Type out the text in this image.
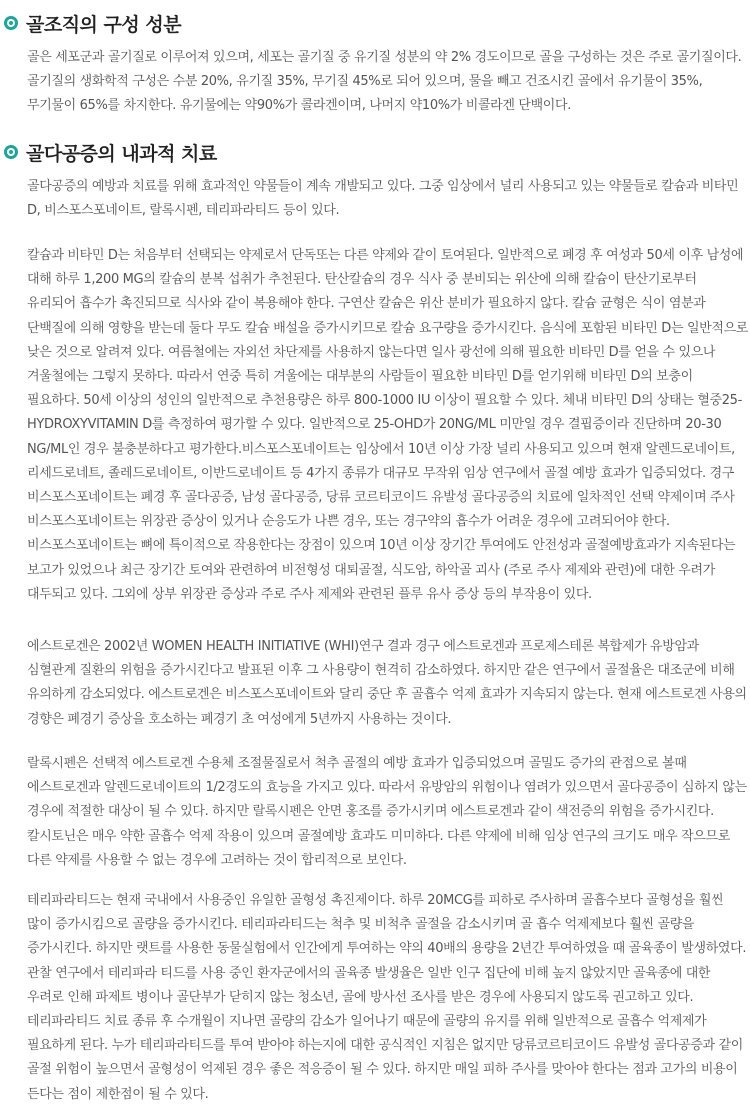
골조직의 구성 성분

골은 세포군과 골기질로 이루어져 있으며, 세포는 골기질 중 유기질 성분의 약 2% 경도이므로 골을 구성하는 것은 주로 골기질이다. 골기질의 생화학적 구성은 수분 20%, 유기질 35%, 무기질 45%로 되어 있으며, 물을 빼고 건조시킨 골에서 유기물이 35%, 무기물이 65%를 차지한다. 유기물에는 약90%가 콜라겐이며, 나머지 약10%가 비콜라겐 단백이다.

골다공증의 내과적 치료

골다공증의 예방과 치료를 위해 효과적인 약물들이 계속 개발되고 있다. 그중 임상에서 널리 사용되고 있는 약물들로 칼슘과 비타민 D, 비스포스포네이트, 랄록시펜, 테리파라티드 등이 있다.

칼슘과 비타민 D는 처음부터 선택되는 약제로서 단독또는 다른 약제와 같이 토여된다. 일반적으로 폐경 후 여성과 50세 이후 남성에 대해 하루 1,200 MG의 칼슘의 분복 섭취가 추천된다. 탄산칼슘의 경우 식사 중 분비되는 위산에 의해 칼슘이 탄산기로부터 유리되어 흡수가 촉진되므로 식사와 같이 복용해야 한다. 구연산 칼슘은 위산 분비가 필요하지 않다. 칼슘 균형은 식이 염분과 단백질에 의해 영향을 받는데 둘다 무도 칼슘 배설을 증가시키므로 칼슘 요구량을 증가시킨다. 음식에 포함된 비타민 D는 일반적으로 낮은 것으로 알려져 있다. 여름철에는 자외선 차단제를 사용하지 않는다면 일사 광선에 의해 필요한 비타민 D를 얻을 수 있으나 겨울철에는 그렇지 못하다. 따라서 연중 특히 겨울에는 대부분의 사람들이 필요한 비타민 D를 얻기위해 비타민 D의 보충이 필요하다. 50세 이상의 성인의 일반적으로 추천용량은 하루 800-1000 IU 이상이 필요할 수 있다. 체내 비타민 D의 상태는 혈중25-HYDROXYVITAMIN D를 측정하여 평가할 수 있다. 일반적으로 25-OHD가 20NG/ML 미만일 경우 결핍증이라 진단하며 20-30 NG/ML인 경우 불충분하다고 평가한다.비스포스포네이트는 임상에서 10년 이상 가장 널리 사용되고 있으며 현재 알렌드로네이트, 리세드로네트, 졸레드로네이트, 이반드로네이트 등 4가지 종류가 대규모 무작위 임상 연구에서 골절 예방 효과가 입증되었다. 경구 비스포스포네이트는 폐경 후 골다공증, 남성 골다공증, 당류 코르티코이드 유발성 골다공증의 치료에 일차적인 선택 약제이며 주사 비스포스포네이트는 위장관 증상이 있거나 순응도가 나쁜 경우, 또는 경구약의 흡수가 어려운 경우에 고려되어야 한다. 비스포스포네이트는 뼈에 특이적으로 작용한다는 장점이 있으며 10년 이상 장기간 투여에도 안전성과 골절예방효과가 지속된다는 보고가 있었으나 최근 장기간 토여와 관련하여 비전형성 대퇴골절, 식도암, 하악골 괴사 (주로 주사 제제와 관련)에 대한 우려가 대두되고 있다. 그외에 상부 위장관 증상과 주로 주사 제제와 관련된 플루 유사 증상 등의 부작용이 있다.

에스트로겐은 2002년 WOMEN HEALTH INITIATIVE (WHI)연구 결과 경구 에스트로겐과 프로제스테론 복합제가 유방암과 심혈관계 질환의 위험을 증가시킨다고 발표된 이후 그 사용량이 현격히 감소하였다. 하지만 같은 연구에서 골절율은 대조군에 비해 유의하게 감소되었다. 에스트로겐은 비스포스포네이트와 달리 중단 후 골흡수 억제 효과가 지속되지 않는다. 현재 에스트로겐 사용의 경향은 폐경기 증상을 호소하는 폐경기 초 여성에게 5년까지 사용하는 것이다.

랄록시펜은 선택적 에스트로겐 수용체 조절물질로서 척추 골절의 예방 효과가 입증되었으며 골밀도 증가의 관점으로 볼때 에스트로겐과 알렌드로네이트의 1/2경도의 효능을 가지고 있다. 따라서 유방암의 위험이나 염려가 있으면서 골다공증이 심하지 않는 경우에 적절한 대상이 될 수 있다. 하지만 랄록시펜은 안면 홍조를 증가시키며 에스트로겐과 같이 색전증의 위험을 증가시킨다. 칼시토닌은 매우 약한 골흡수 억제 작용이 있으며 골절예방 효과도 미미하다. 다른 약제에 비해 임상 연구의 크기도 매우 작으므로 다른 약제를 사용할 수 없는 경우에 고려하는 것이 합리적으로 보인다.

테리파라티드는 현재 국내에서 사용중인 유일한 골형성 촉진제이다. 하루 20MCG를 피하로 주사하며 골흡수보다 골형성을 훨씬 많이 증가시킴으로 골량을 증가시킨다. 테리파라티드는 척추 및 비척추 골절을 감소시키며 골 흡수 억제제보다 훨씬 골량을 증가시킨다. 하지만 랫트를 사용한 동물실험에서 인간에게 투여하는 약의 40배의 용량을 2년간 투여하였을 때 골육종이 발생하였다. 관찰 연구에서 테리파라 티드를 사용 중인 환자군에서의 골육종 발생율은 일반 인구 집단에 비해 높지 않았지만 골육종에 대한 우려로 인해 파제트 병이나 골단부가 닫히지 않는 청소년, 골에 방사선 조사를 받은 경우에 사용되지 않도록 권고하고 있다. 테리파라티드 치료 종류 후 수개월이 지나면 골량의 감소가 일어나기 때문에 골량의 유지를 위해 일반적으로 골흡수 억제제가 필요하게 된다. 누가 테리파라티드를 투여 받아야 하는지에 대한 공식적인 지침은 없지만 당류코르티코이드 유발성 골다공증과 같이 골절 위험이 높으면서 골형성이 억제된 경우 좋은 적응증이 될 수 있다. 하지만 매일 피하 주사를 맞아야 한다는 점과 고가의 비용이 든다는 점이 제한점이 될 수 있다.
